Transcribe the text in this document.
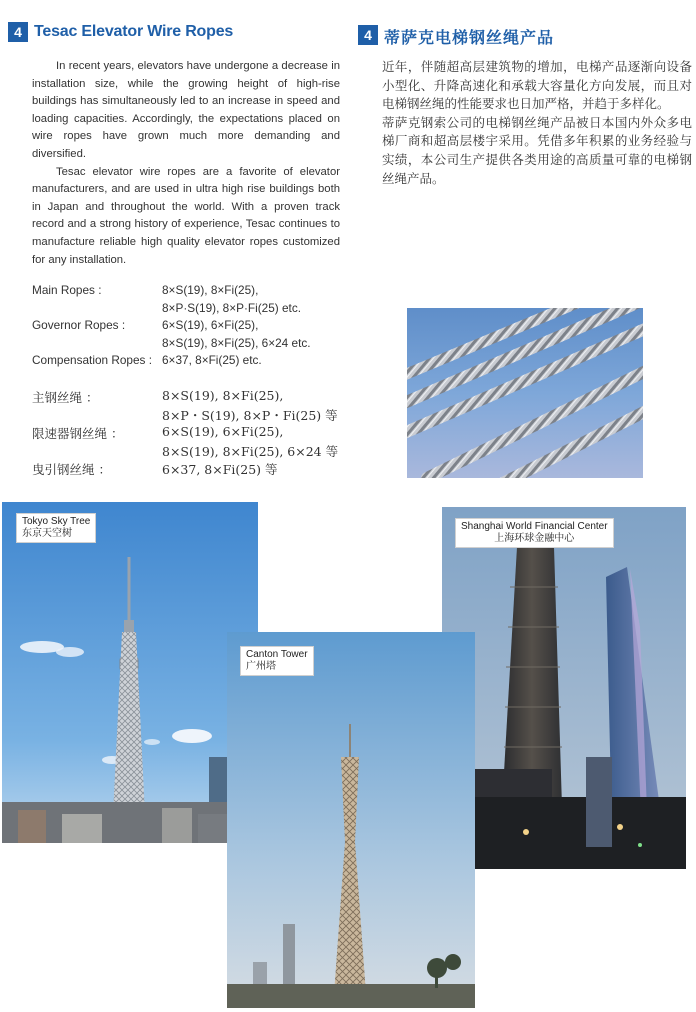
4 Tesac Elevator Wire Ropes

In recent years, elevators have undergone a decrease in installation size, while the growing height of high-rise buildings has simultaneously led to an increase in speed and loading capacities. Accordingly, the expectations placed on wire ropes have grown much more demanding and diversified.

Tesac elevator wire ropes are a favorite of elevator manufacturers, and are used in ultra high rise buildings both in Japan and throughout the world. With a proven track record and a strong history of experience, Tesac continues to manufacture reliable high quality elevator ropes customized for any installation.

4 蒂萨克电梯钢丝绳产品

近年，伴随超高层建筑物的增加，电梯产品逐渐向设备小型化、升降高速化和承载大容量化方向发展，而且对电梯钢丝绳的性能要求也日加严格，并趋于多样化。

蒂萨克钢索公司的电梯钢丝绳产品被日本国内外众多电梯厂商和超高层楼宇采用。凭借多年积累的业务经验与实绩，本公司生产提供各类用途的高质量可靠的电梯钢丝绳产品。

Main Ropes :	8×S(19), 8×Fi(25),
8×P·S(19), 8×P·Fi(25) etc.
Governor Ropes :	6×S(19), 6×Fi(25),
8×S(19), 8×Fi(25), 6×24 etc.
Compensation Ropes : 6×37, 8×Fi(25) etc.
主钢丝绳 ：	8×S(19), 8×Fi(25),
8×P・S(19), 8×P・Fi(25) 等
限速器钢丝绳 ：	6×S(19), 6×Fi(25),
8×S(19), 8×Fi(25), 6×24 等
曳引钢丝绳 ：	6×37, 8×Fi(25) 等
Tokyo Sky Tree
东京天空树
Shanghai World Financial Center
上海环球金融中心
Canton Tower
广州塔
